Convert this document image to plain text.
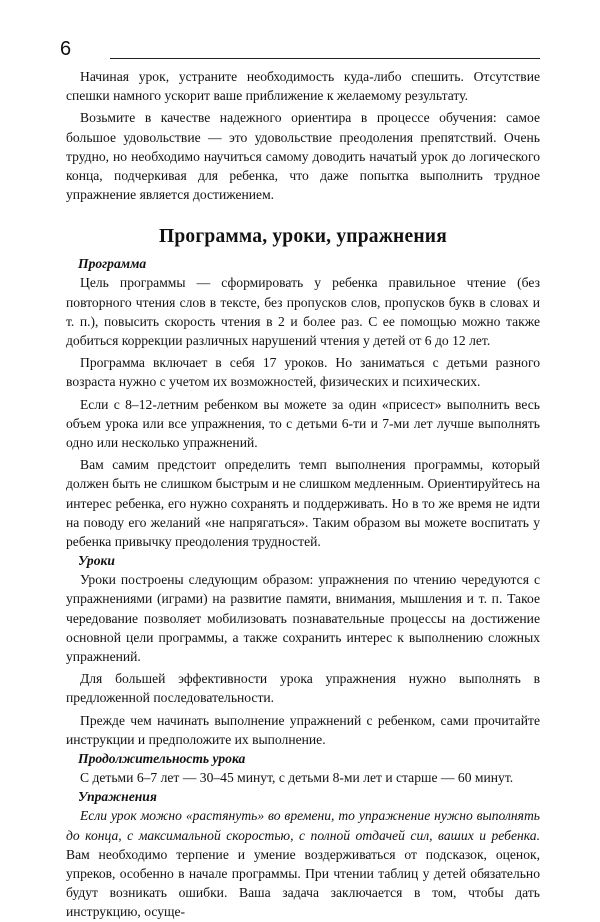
6

Начиная урок, устраните необходимость куда-либо спешить. Отсутствие спешки намного ускорит ваше приближение к желаемому результату.

Возьмите в качестве надежного ориентира в процессе обучения: самое большое удовольствие — это удовольствие преодоления препятствий. Очень трудно, но необходимо научиться самому доводить начатый урок до логического конца, подчеркивая для ребенка, что даже попытка выполнить трудное упражнение является достижением.

Программа, уроки, упражнения
Программа

Цель программы — сформировать у ребенка правильное чтение (без повторного чтения слов в тексте, без пропусков слов, пропусков букв в словах и т. п.), повысить скорость чтения в 2 и более раз. С ее помощью можно также добиться коррекции различных нарушений чтения у детей от 6 до 12 лет.

Программа включает в себя 17 уроков. Но заниматься с детьми разного возраста нужно с учетом их возможностей, физических и психических.

Если с 8–12-летним ребенком вы можете за один «присест» выполнить весь объем урока или все упражнения, то с детьми 6-ти и 7-ми лет лучше выполнять одно или несколько упражнений.

Вам самим предстоит определить темп выполнения программы, который должен быть не слишком быстрым и не слишком медленным. Ориентируйтесь на интерес ребенка, его нужно сохранять и поддерживать. Но в то же время не идти на поводу его желаний «не напрягаться». Таким образом вы можете воспитать у ребенка привычку преодоления трудностей.

Уроки

Уроки построены следующим образом: упражнения по чтению чередуются с упражнениями (играми) на развитие памяти, внимания, мышления и т. п. Такое чередование позволяет мобилизовать познавательные процессы на достижение основной цели программы, а также сохранить интерес к выполнению сложных упражнений.

Для большей эффективности урока упражнения нужно выполнять в предложенной последовательности.

Прежде чем начинать выполнение упражнений с ребенком, сами прочитайте инструкции и предположите их выполнение.

Продолжительность урока

С детьми 6–7 лет — 30–45 минут, с детьми 8-ми лет и старше — 60 минут.

Упражнения

Если урок можно «растянуть» во времени, то упражнение нужно выполнять до конца, с максимальной скоростью, с полной отдачей сил, ваших и ребенка. Вам необходимо терпение и умение воздерживаться от подсказок, оценок, упреков, особенно в начале программы. При чтении таблиц у детей обязательно будут возникать ошибки. Ваша задача заключается в том, чтобы дать инструкцию, осуще-
